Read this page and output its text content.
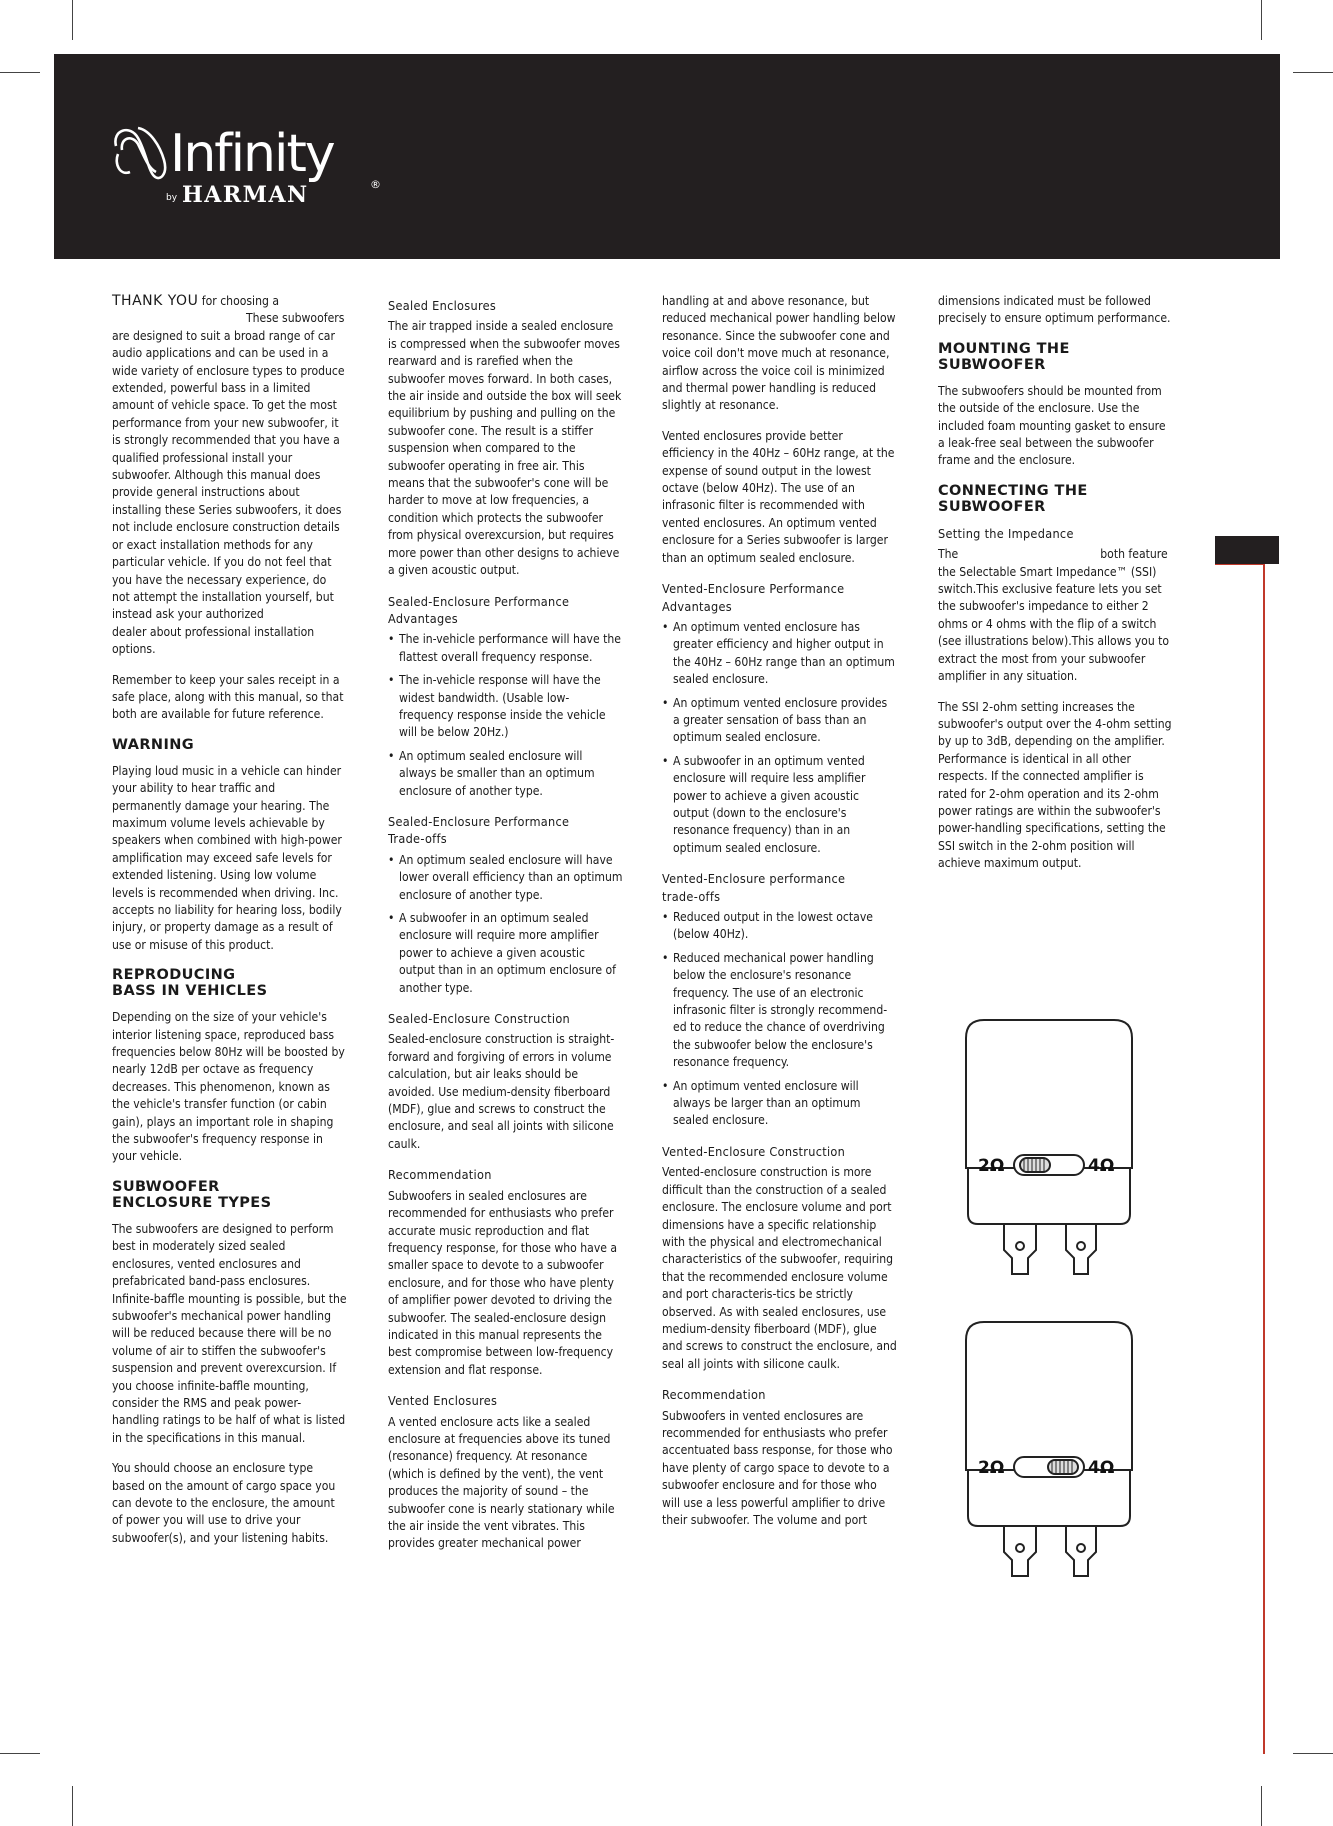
Infinity
by HARMAN	®

THANK YOU for choosing a
These subwoofers are designed to suit a broad range of car audio applications and can be used in a wide variety of enclosure types to produce extended, powerful bass in a limited amount of vehicle space. To get the most performance from your new subwoofer, it is strongly recommended that you have a qualified professional install your subwoofer. Although this manual does provide general instructions about installing these Series subwoofers, it does not include enclosure construction details or exact installation methods for any particular vehicle. If you do not feel that you have the necessary experience, do not attempt the installation yourself, but instead ask your authorizeddealer about professional installation options.

Remember to keep your sales receipt in a safe place, along with this manual, so that both are available for future reference.

WARNING

Playing loud music in a vehicle can hinder your ability to hear traffic and permanently damage your hearing. The maximum volume levels achievable by speakers when combined with high-power amplification may exceed safe levels for extended listening. Using low volume levels is recommended when driving. Inc. accepts no liability for hearing loss, bodily injury, or property damage as a result of use or misuse of this product.

REPRODUCING
BASS IN VEHICLES

Depending on the size of your vehicle's interior listening space, reproduced bass frequencies below 80Hz will be boosted by nearly 12dB per octave as frequency decreases. This phenomenon, known as the vehicle's transfer function (or cabin gain), plays an important role in shaping the subwoofer's frequency response in your vehicle.

SUBWOOFER
ENCLOSURE TYPES

The subwoofers are designed to perform best in moderately sized sealed enclosures, vented enclosures and prefabricated band-pass enclosures. Infinite-baffle mounting is possible, but the subwoofer's mechanical power handling will be reduced because there will be no volume of air to stiffen the subwoofer's suspension and prevent overexcursion. If you choose infinite-baffle mounting, consider the RMS and peak power-handling ratings to be half of what is listed in the specifications in this manual.

You should choose an enclosure type based on the amount of cargo space you can devote to the enclosure, the amount of power you will use to drive your subwoofer(s), and your listening habits.

Sealed Enclosures

The air trapped inside a sealed enclosure is compressed when the subwoofer moves rearward and is rarefied when the subwoofer moves forward. In both cases, the air inside and outside the box will seek equilibrium by pushing and pulling on the subwoofer cone. The result is a stiffer suspension when compared to the subwoofer operating in free air. This means that the subwoofer's cone will be harder to move at low frequencies, a condition which protects the subwoofer from physical overexcursion, but requires more power than other designs to achieve a given acoustic output.

Sealed-Enclosure Performance
Advantages
• The in-vehicle performance will have the flattest overall frequency response.
• The in-vehicle response will have the widest bandwidth. (Usable low-frequency response inside the vehicle will be below 20Hz.)
• An optimum sealed enclosure will always be smaller than an optimum enclosure of another type.
Sealed-Enclosure Performance
Trade-offs
• An optimum sealed enclosure will have lower overall efficiency than an optimum enclosure of another type.
• A subwoofer in an optimum sealed enclosure will require more amplifier power to achieve a given acoustic output than in an optimum enclosure of another type.
Sealed-Enclosure Construction

Sealed-enclosure construction is straight-forward and forgiving of errors in volume calculation, but air leaks should be avoided. Use medium-density fiberboard (MDF), glue and screws to construct the enclosure, and seal all joints with silicone caulk.

Recommendation

Subwoofers in sealed enclosures are recommended for enthusiasts who prefer accurate music reproduction and flat frequency response, for those who have a smaller space to devote to a subwoofer enclosure, and for those who have plenty of amplifier power devoted to driving the subwoofer. The sealed-enclosure design indicated in this manual represents the best compromise between low-frequency extension and flat response.

Vented Enclosures

A vented enclosure acts like a sealed enclosure at frequencies above its tuned (resonance) frequency. At resonance (which is defined by the vent), the vent produces the majority of sound – the subwoofer cone is nearly stationary while the air inside the vent vibrates. This provides greater mechanical power

handling at and above resonance, but reduced mechanical power handling below resonance. Since the subwoofer cone and voice coil don't move much at resonance, airflow across the voice coil is minimized and thermal power handling is reduced slightly at resonance.

Vented enclosures provide better efficiency in the 40Hz – 60Hz range, at the expense of sound output in the lowest octave (below 40Hz). The use of an infrasonic filter is recommended with vented enclosures. An optimum vented enclosure for a Series subwoofer is larger than an optimum sealed enclosure.

Vented-Enclosure Performance
Advantages
• An optimum vented enclosure has greater efficiency and higher output in the 40Hz – 60Hz range than an optimum sealed enclosure.
• An optimum vented enclosure provides a greater sensation of bass than an optimum sealed enclosure.
• A subwoofer in an optimum vented enclosure will require less amplifier power to achieve a given acoustic output (down to the enclosure's resonance frequency) than in an optimum sealed enclosure.
Vented-Enclosure performance
trade-offs
• Reduced output in the lowest octave (below 40Hz).
• Reduced mechanical power handling below the enclosure's resonance frequency. The use of an electronic infrasonic filter is strongly recommend-ed to reduce the chance of overdriving the subwoofer below the enclosure's resonance frequency.
• An optimum vented enclosure will always be larger than an optimum sealed enclosure.
Vented-Enclosure Construction

Vented-enclosure construction is more difficult than the construction of a sealed enclosure. The enclosure volume and port dimensions have a specific relationship with the physical and electromechanical characteristics of the subwoofer, requiring that the recommended enclosure volume and port characteris-tics be strictly observed. As with sealed enclosures, use medium-density fiberboard (MDF), glue and screws to construct the enclosure, and seal all joints with silicone caulk.

Recommendation

Subwoofers in vented enclosures are recommended for enthusiasts who prefer accentuated bass response, for those who have plenty of cargo space to devote to a subwoofer enclosure and for those who will use a less powerful amplifier to drive their subwoofer. The volume and port

dimensions indicated must be followed precisely to ensure optimum performance.

MOUNTING THE
SUBWOOFER

The subwoofers should be mounted from the outside of the enclosure. Use the included foam mounting gasket to ensure a leak-free seal between the subwoofer frame and the enclosure.

CONNECTING THE
SUBWOOFER
Setting the Impedance

The	both feature the Selectable Smart Impedance™ (SSI) switch.This exclusive feature lets you set the subwoofer's impedance to either 2 ohms or 4 ohms with the flip of a switch (see illustrations below).This allows you to extract the most from your subwoofer amplifier in any situation.

The SSI 2-ohm setting increases the subwoofer's output over the 4-ohm setting by up to 3dB, depending on the amplifier. Performance is identical in all other respects. If the connected amplifier is rated for 2-ohm operation and its 2-ohm power ratings are within the subwoofer's power-handling specifications, setting the SSI switch in the 2-ohm position will achieve maximum output.

2Ω	4Ω
2Ω	4Ω
